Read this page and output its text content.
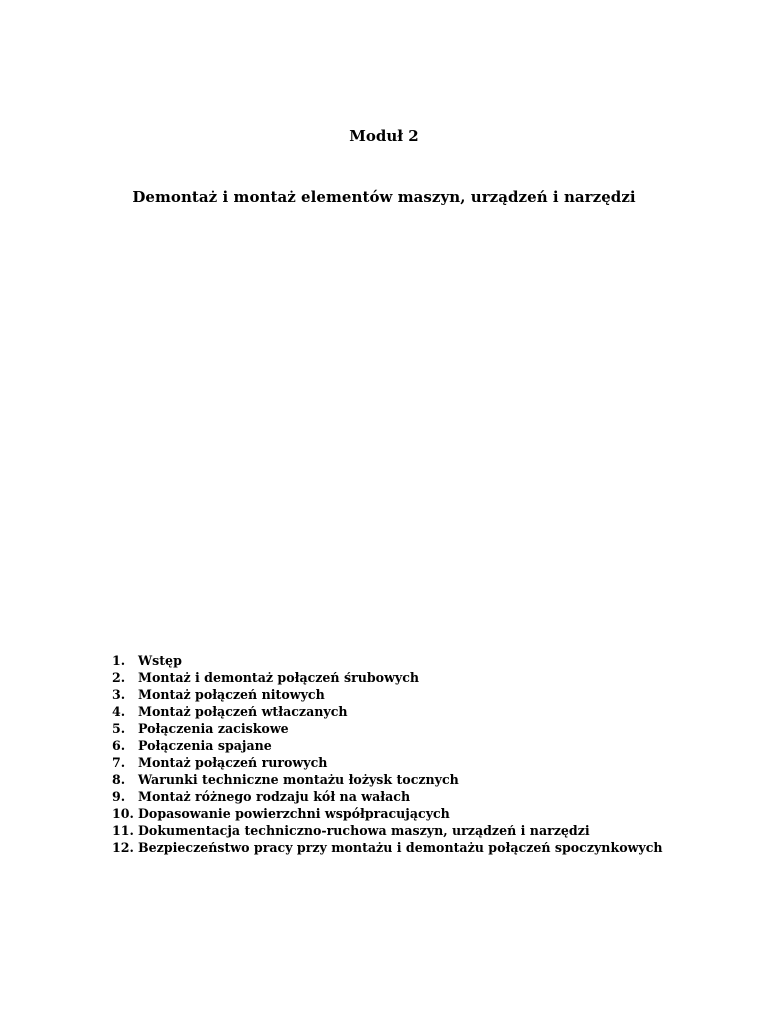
Moduł 2
Demontaż i montaż elementów maszyn, urządzeń i narzędzi
1.	Wstęp
2.	Montaż i demontaż połączeń śrubowych
3.	Montaż połączeń nitowych
4.	Montaż połączeń wtłaczanych
5.	Połączenia zaciskowe
6.	Połączenia spajane
7.	Montaż połączeń rurowych
8.	Warunki techniczne montażu łożysk tocznych
9.	Montaż różnego rodzaju kół na wałach
10. Dopasowanie powierzchni współpracujących
11. Dokumentacja techniczno-ruchowa maszyn, urządzeń i narzędzi
12. Bezpieczeństwo pracy przy montażu i demontażu połączeń spoczynkowych
